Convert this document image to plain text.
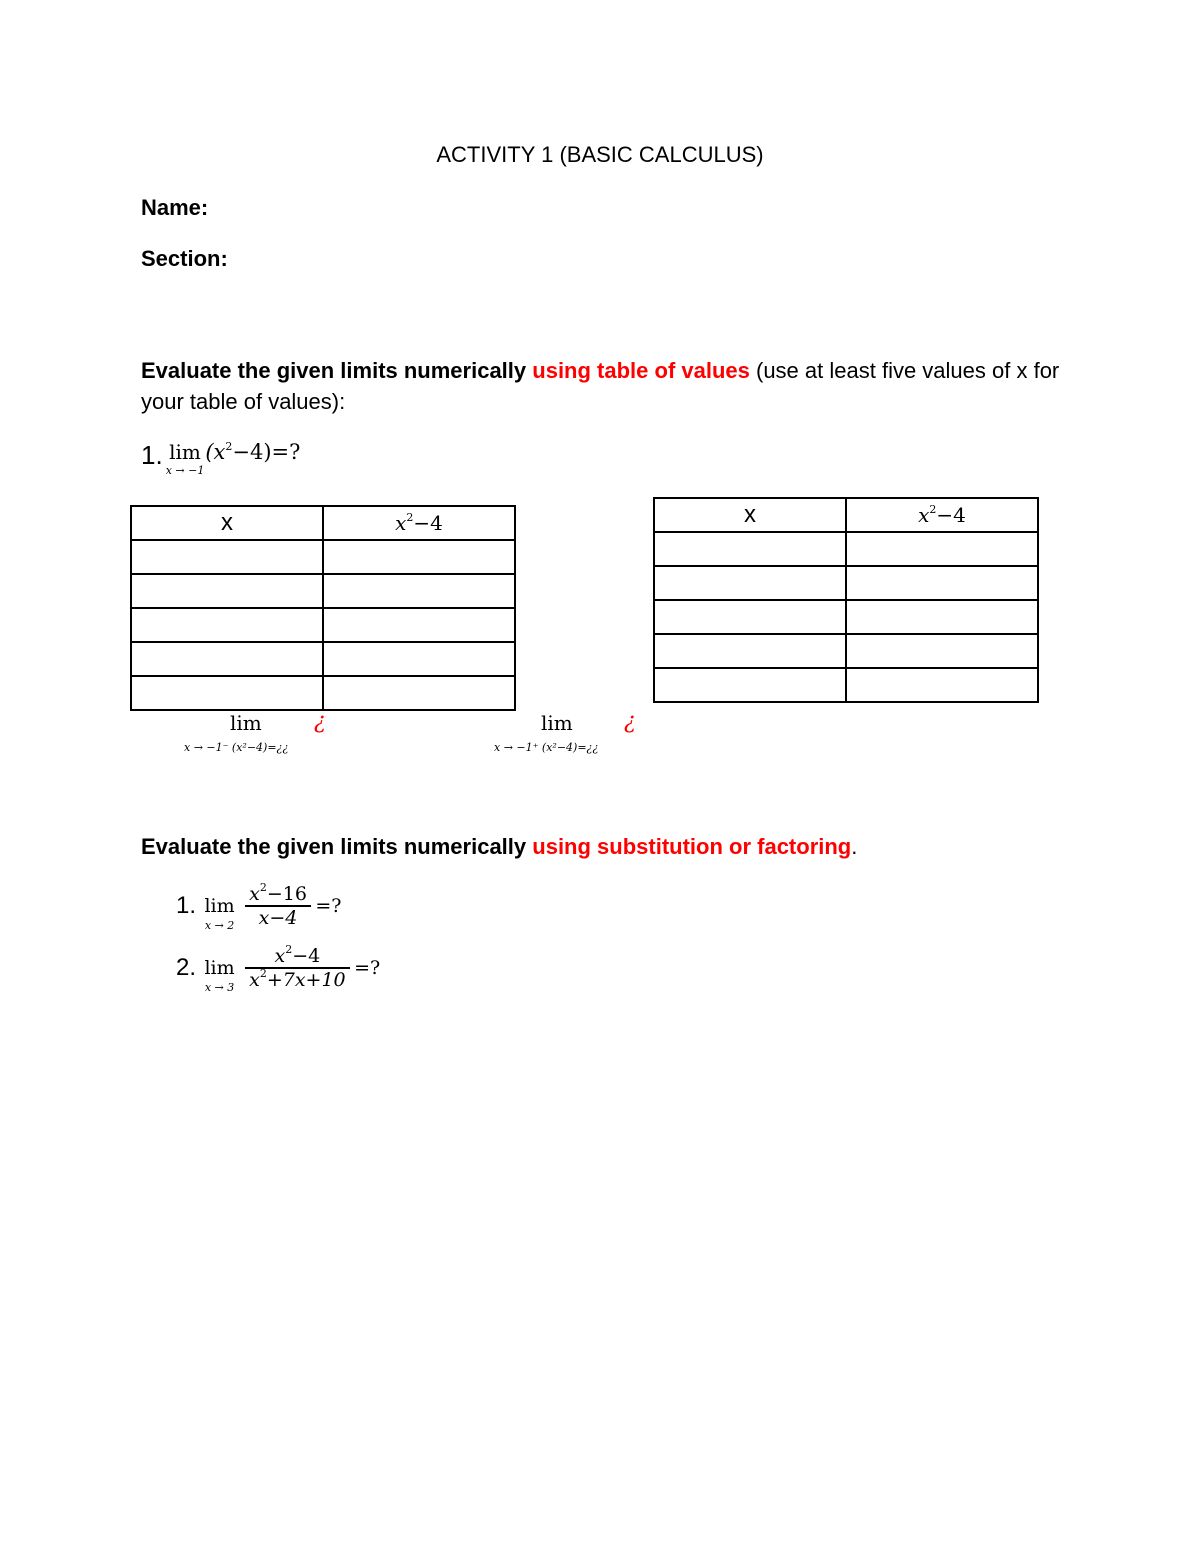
ACTIVITY 1 (BASIC CALCULUS)
Name:
Section:
Evaluate the given limits numerically using table of values (use at least five values of x for your table of values):
1. lim
x → −1
$(x^2-4)=$?
x	$x^2-4$

		x	$x^2-4$

lim ¿
x → −1⁻ (x²−4)=¿¿
lim ¿
x → −1⁺ (x²−4)=¿¿
Evaluate the given limits numerically using substitution or factoring.
1. lim
x → 2
$\frac{x^2-16}{x-4}$ =?
2. lim
x → 3
$\frac{x^2-4}{x^2+7x+10}$ =?
